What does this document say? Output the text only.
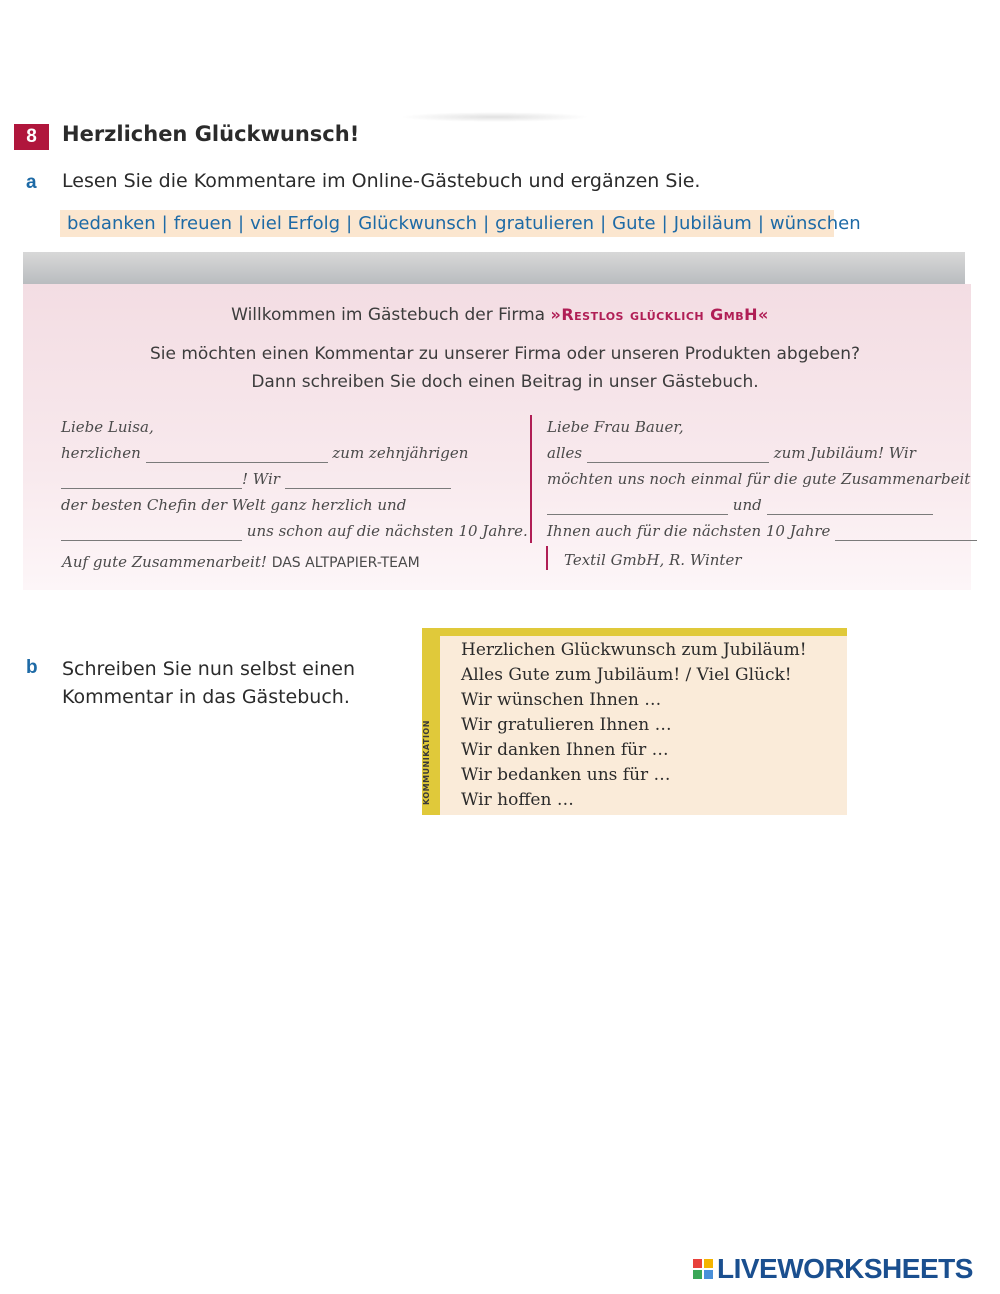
8	Herzlichen Glückwunsch!
a Lesen Sie die Kommentare im Online-Gästebuch und ergänzen Sie.
bedanken | freuen | viel Erfolg | Glückwunsch | gratulieren | Gute | Jubiläum | wünschen
Willkommen im Gästebuch der Firma »Restlos glücklich GmbH«
Sie möchten einen Kommentar zu unserer Firma oder unseren Produkten abgeben?
Dann schreiben Sie doch einen Beitrag in unser Gästebuch.
Liebe Luisa,
herzlichen	zum zehnjährigen
! Wir
der besten Chefin der Welt ganz herzlich und
uns schon auf die nächsten 10 Jahre.
Auf gute Zusammenarbeit! DAS ALTPAPIER-TEAM
Liebe Frau Bauer,
alles	zum Jubiläum! Wir
möchten uns noch einmal für die gute Zusammenarbeit
und
Ihnen auch für die nächsten 10 Jahre
Textil GmbH, R. Winter
b Schreiben Sie nun selbst einen
Kommentar in das Gästebuch.
KOMMUNIKATION
Herzlichen Glückwunsch zum Jubiläum!
Alles Gute zum Jubiläum! / Viel Glück!
Wir wünschen Ihnen …
Wir gratulieren Ihnen …
Wir danken Ihnen für …
Wir bedanken uns für …
Wir hoffen …
LIVEWORKSHEETS
